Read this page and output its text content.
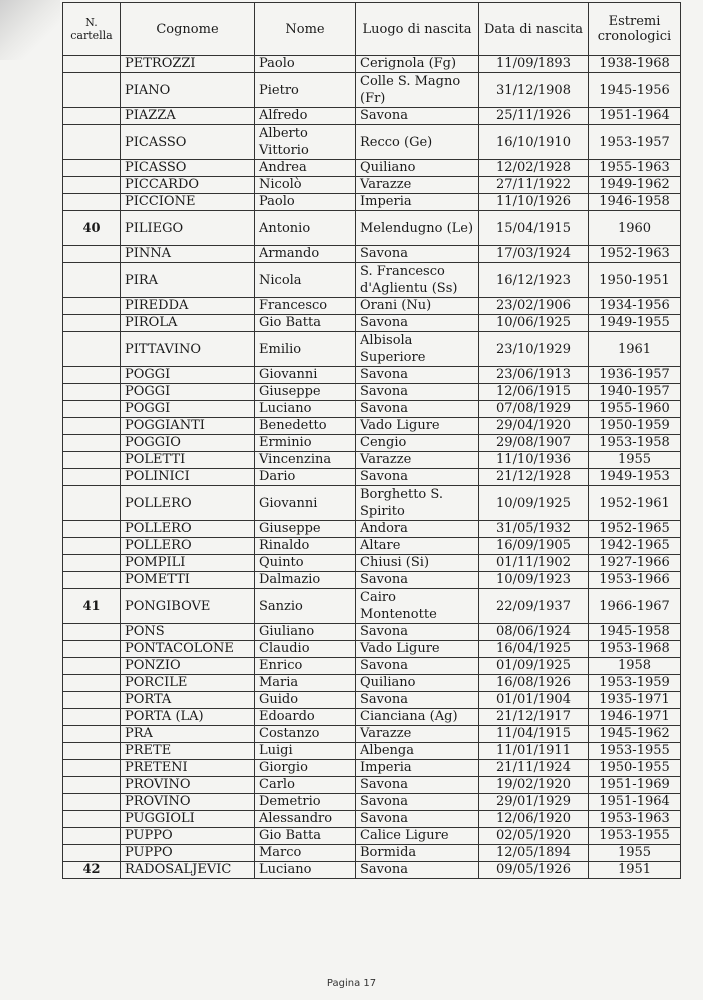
N. cartella	Cognome	Nome	Luogo di nascita	Data di nascita	Estremi cronologici
	PETROZZI	Paolo	Cerignola (Fg)	11/09/1893	1938-1968
	PIANO	Pietro	Colle S. Magno (Fr)	31/12/1908	1945-1956
	PIAZZA	Alfredo	Savona	25/11/1926	1951-1964
	PICASSO	Alberto Vittorio	Recco (Ge)	16/10/1910	1953-1957
	PICASSO	Andrea	Quiliano	12/02/1928	1955-1963
	PICCARDO	Nicolò	Varazze	27/11/1922	1949-1962
	PICCIONE	Paolo	Imperia	11/10/1926	1946-1958
40	PILIEGO	Antonio	Melendugno (Le)	15/04/1915	1960
	PINNA	Armando	Savona	17/03/1924	1952-1963
	PIRA	Nicola	S. Francesco d'Aglientu (Ss)	16/12/1923	1950-1951
	PIREDDA	Francesco	Orani (Nu)	23/02/1906	1934-1956
	PIROLA	Gio Batta	Savona	10/06/1925	1949-1955
	PITTAVINO	Emilio	Albisola Superiore	23/10/1929	1961
	POGGI	Giovanni	Savona	23/06/1913	1936-1957
	POGGI	Giuseppe	Savona	12/06/1915	1940-1957
	POGGI	Luciano	Savona	07/08/1929	1955-1960
	POGGIANTI	Benedetto	Vado Ligure	29/04/1920	1950-1959
	POGGIO	Erminio	Cengio	29/08/1907	1953-1958
	POLETTI	Vincenzina	Varazze	11/10/1936	1955
	POLINICI	Dario	Savona	21/12/1928	1949-1953
	POLLERO	Giovanni	Borghetto S. Spirito	10/09/1925	1952-1961
	POLLERO	Giuseppe	Andora	31/05/1932	1952-1965
	POLLERO	Rinaldo	Altare	16/09/1905	1942-1965
	POMPILI	Quinto	Chiusi (Si)	01/11/1902	1927-1966
	POMETTI	Dalmazio	Savona	10/09/1923	1953-1966
41	PONGIBOVE	Sanzio	Cairo Montenotte	22/09/1937	1966-1967
	PONS	Giuliano	Savona	08/06/1924	1945-1958
	PONTACOLONE	Claudio	Vado Ligure	16/04/1925	1953-1968
	PONZIO	Enrico	Savona	01/09/1925	1958
	PORCILE	Maria	Quiliano	16/08/1926	1953-1959
	PORTA	Guido	Savona	01/01/1904	1935-1971
	PORTA (LA)	Edoardo	Cianciana (Ag)	21/12/1917	1946-1971
	PRA	Costanzo	Varazze	11/04/1915	1945-1962
	PRETE	Luigi	Albenga	11/01/1911	1953-1955
	PRETENI	Giorgio	Imperia	21/11/1924	1950-1955
	PROVINO	Carlo	Savona	19/02/1920	1951-1969
	PROVINO	Demetrio	Savona	29/01/1929	1951-1964
	PUGGIOLI	Alessandro	Savona	12/06/1920	1953-1963
	PUPPO	Gio Batta	Calice Ligure	02/05/1920	1953-1955
	PUPPO	Marco	Bormida	12/05/1894	1955
42	RADOSALJEVIC	Luciano	Savona	09/05/1926	1951
Pagina 17
